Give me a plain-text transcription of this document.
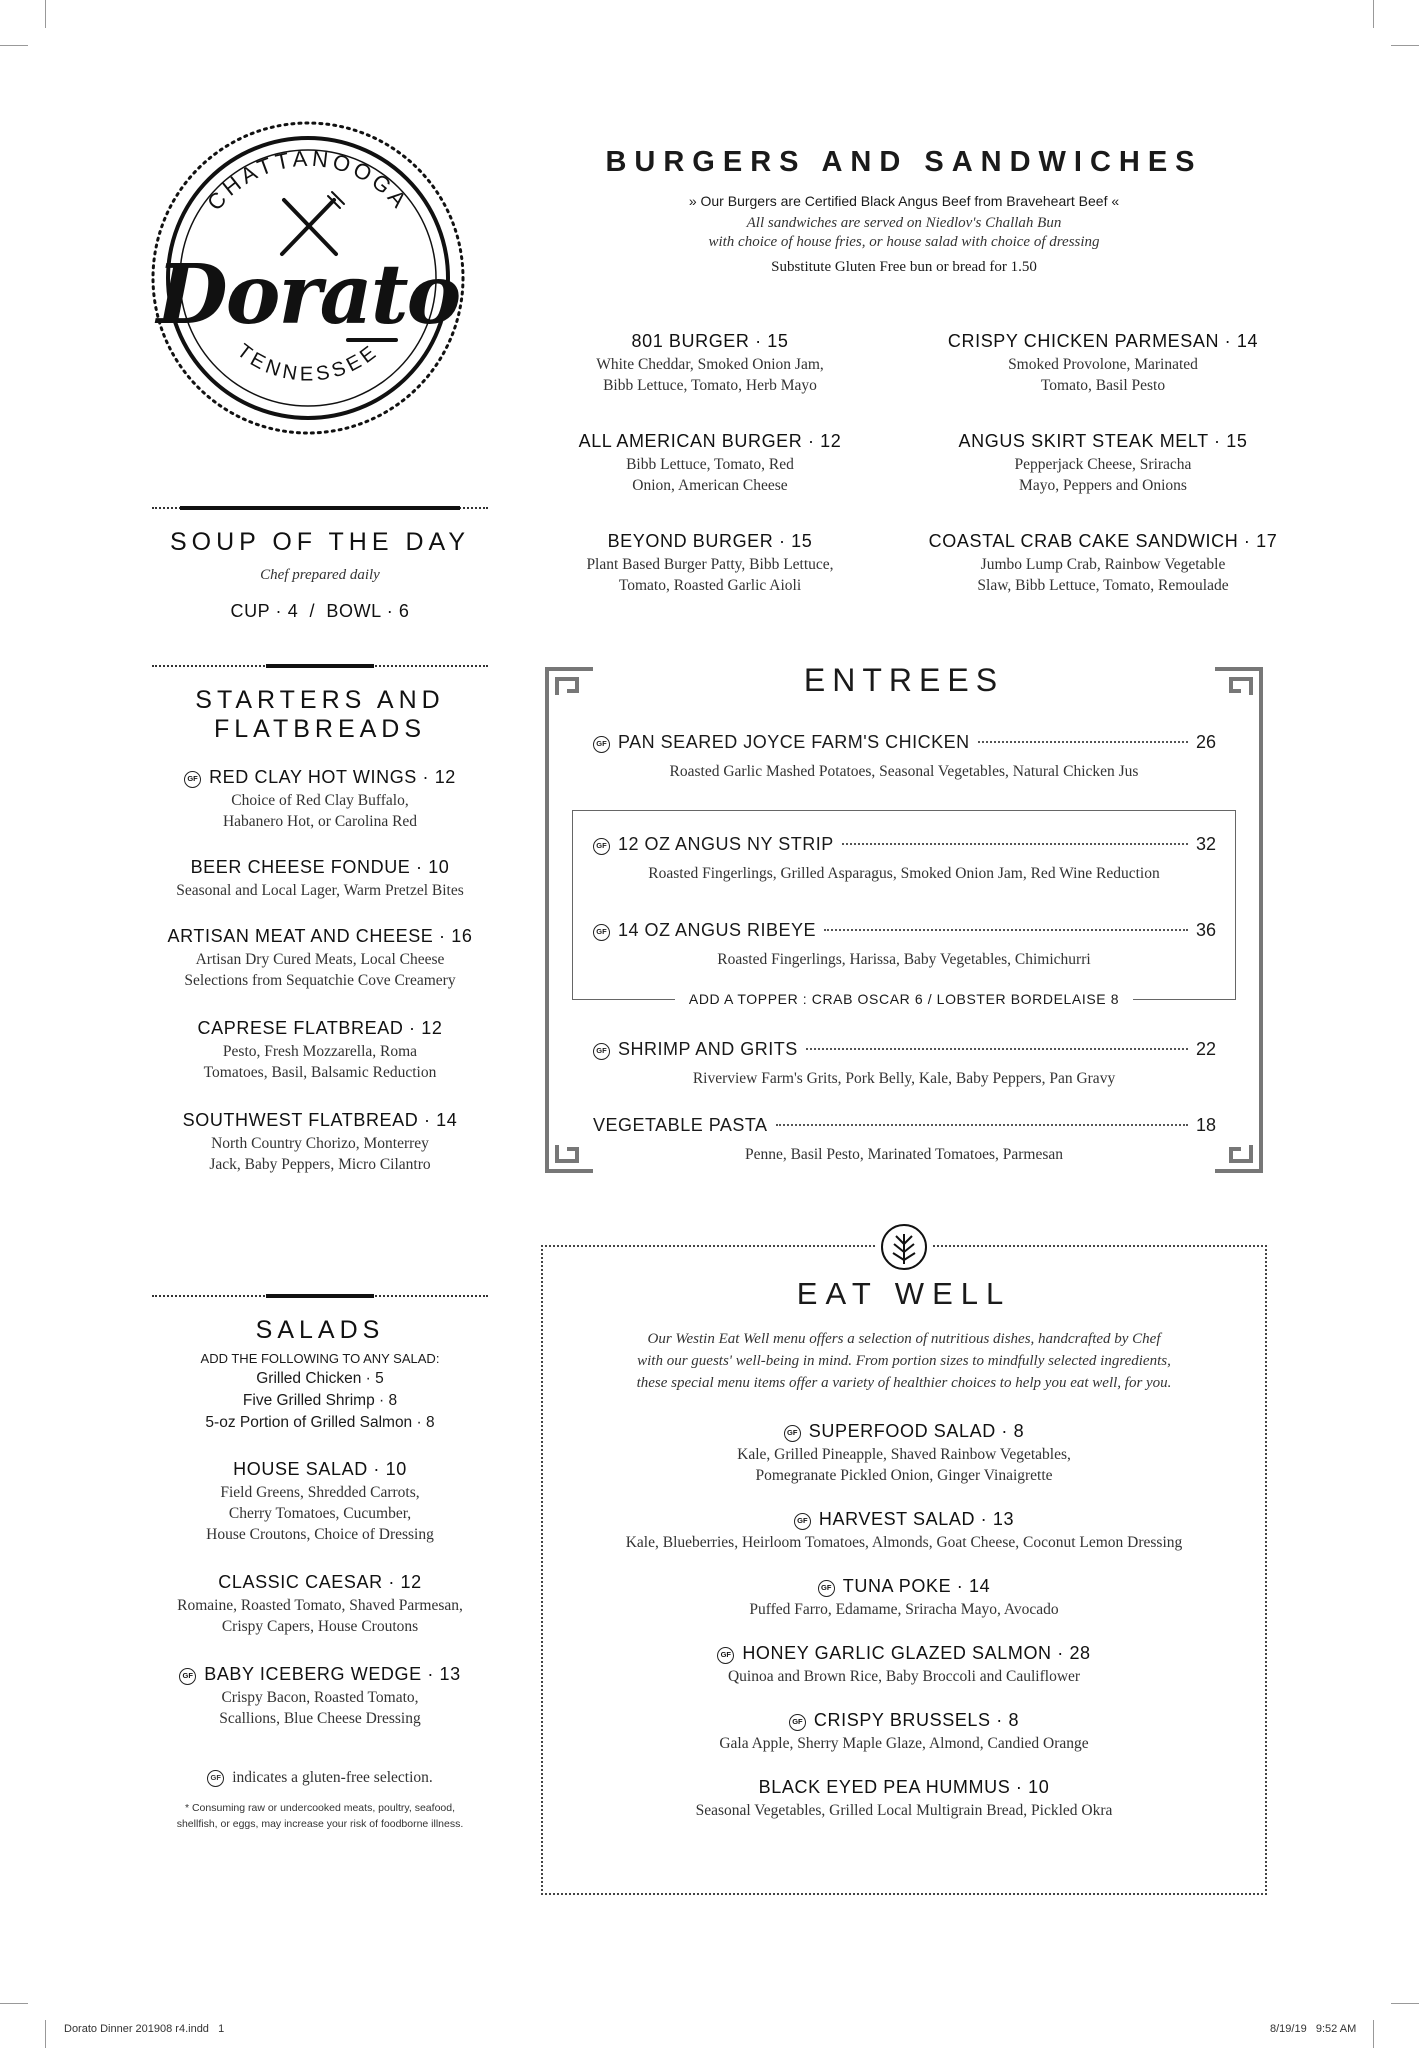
CHATTANOOGA
TENNESSEE
Dorato
SOUP OF THE DAY
Chef prepared daily
CUP · 4  /  BOWL · 6
STARTERS AND
FLATBREADS
GF RED CLAY HOT WINGS · 12
Choice of Red Clay Buffalo,
Habanero Hot, or Carolina Red
BEER CHEESE FONDUE · 10
Seasonal and Local Lager, Warm Pretzel Bites
ARTISAN MEAT AND CHEESE · 16
Artisan Dry Cured Meats, Local Cheese
Selections from Sequatchie Cove Creamery
CAPRESE FLATBREAD · 12
Pesto, Fresh Mozzarella, Roma
Tomatoes, Basil, Balsamic Reduction
SOUTHWEST FLATBREAD · 14
North Country Chorizo, Monterrey
Jack, Baby Peppers, Micro Cilantro
SALADS
ADD THE FOLLOWING TO ANY SALAD:
Grilled Chicken · 5
Five Grilled Shrimp · 8
5-oz Portion of Grilled Salmon · 8
HOUSE SALAD · 10
Field Greens, Shredded Carrots,
Cherry Tomatoes, Cucumber,
House Croutons, Choice of Dressing
CLASSIC CAESAR · 12
Romaine, Roasted Tomato, Shaved Parmesan,
Crispy Capers, House Croutons
GF BABY ICEBERG WEDGE · 13
Crispy Bacon, Roasted Tomato,
Scallions, Blue Cheese Dressing
GF indicates a gluten-free selection.
* Consuming raw or undercooked meats, poultry, seafood,
shellfish, or eggs, may increase your risk of foodborne illness.
BURGERS AND SANDWICHES
» Our Burgers are Certified Black Angus Beef from Braveheart Beef «
All sandwiches are served on Niedlov's Challah Bun
with choice of house fries, or house salad with choice of dressing
Substitute Gluten Free bun or bread for 1.50
801 BURGER · 15
White Cheddar, Smoked Onion Jam,
Bibb Lettuce, Tomato, Herb Mayo
CRISPY CHICKEN PARMESAN · 14
Smoked Provolone, Marinated
Tomato, Basil Pesto
ALL AMERICAN BURGER · 12
Bibb Lettuce, Tomato, Red
Onion, American Cheese
ANGUS SKIRT STEAK MELT · 15
Pepperjack Cheese, Sriracha
Mayo, Peppers and Onions
BEYOND BURGER · 15
Plant Based Burger Patty, Bibb Lettuce,
Tomato, Roasted Garlic Aioli
COASTAL CRAB CAKE SANDWICH · 17
Jumbo Lump Crab, Rainbow Vegetable
Slaw, Bibb Lettuce, Tomato, Remoulade
ENTREES
GF PAN SEARED JOYCE FARM'S CHICKEN	26
Roasted Garlic Mashed Potatoes, Seasonal Vegetables, Natural Chicken Jus
GF 12 OZ ANGUS NY STRIP	32
Roasted Fingerlings, Grilled Asparagus, Smoked Onion Jam, Red Wine Reduction
GF 14 OZ ANGUS RIBEYE	36
Roasted Fingerlings, Harissa, Baby Vegetables, Chimichurri
ADD A TOPPER : CRAB OSCAR 6 / LOBSTER BORDELAISE 8
GF SHRIMP AND GRITS	22
Riverview Farm's Grits, Pork Belly, Kale, Baby Peppers, Pan Gravy
VEGETABLE PASTA	18
Penne, Basil Pesto, Marinated Tomatoes, Parmesan
EAT WELL
Our Westin Eat Well menu offers a selection of nutritious dishes, handcrafted by Chef
with our guests' well-being in mind. From portion sizes to mindfully selected ingredients,
these special menu items offer a variety of healthier choices to help you eat well, for you.
GF SUPERFOOD SALAD · 8
Kale, Grilled Pineapple, Shaved Rainbow Vegetables,
Pomegranate Pickled Onion, Ginger Vinaigrette
GF HARVEST SALAD · 13
Kale, Blueberries, Heirloom Tomatoes, Almonds, Goat Cheese, Coconut Lemon Dressing
GF TUNA POKE · 14
Puffed Farro, Edamame, Sriracha Mayo, Avocado
GF HONEY GARLIC GLAZED SALMON · 28
Quinoa and Brown Rice, Baby Broccoli and Cauliflower
GF CRISPY BRUSSELS · 8
Gala Apple, Sherry Maple Glaze, Almond, Candied Orange
BLACK EYED PEA HUMMUS · 10
Seasonal Vegetables, Grilled Local Multigrain Bread, Pickled Okra
Dorato Dinner 201908 r4.indd   1	8/19/19   9:52 AM
